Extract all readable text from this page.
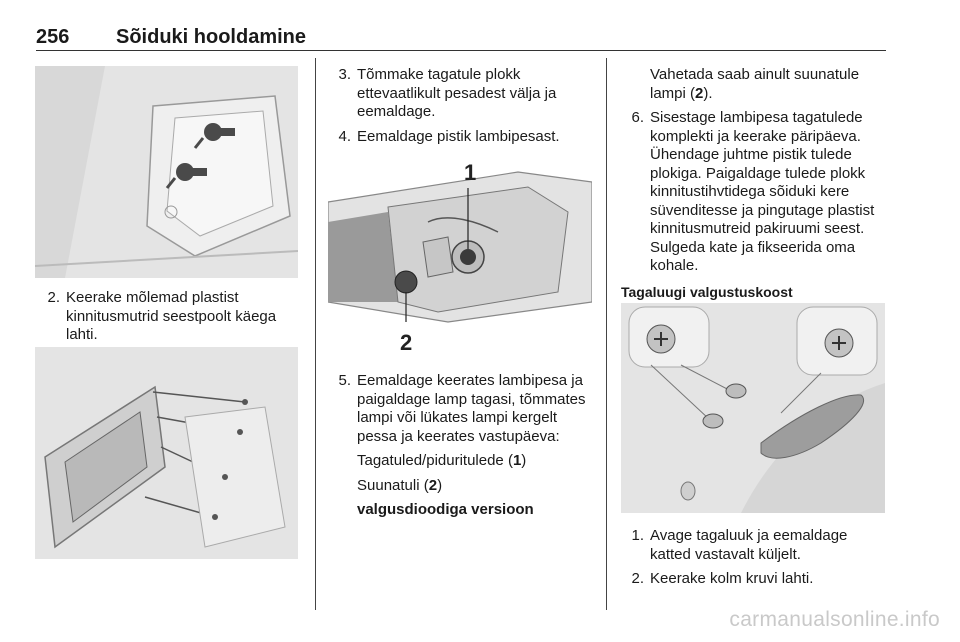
256 Sõiduki hooldamine
2. Keerake mõlemad plastist kinnitusmutrid seestpoolt käega lahti.
3. Tõmmake tagatule plokk ettevaatlikult pesadest välja ja eemaldage.
4. Eemaldage pistik lambipesast.
1
2
5. Eemaldage keerates lambipesa ja paigaldage lamp tagasi, tõmmates lampi või lükates lampi kergelt pessa ja keerates vastupäeva:
Tagatuled/piduritulede (1)
Suunatuli (2)
valgusdioodiga versioon
Vahetada saab ainult suunatule lampi (2).
6. Sisestage lambipesa tagatulede komplekti ja keerake päripäeva. Ühendage juhtme pistik tulede plokiga. Paigaldage tulede plokk kinnitustihvtidega sõiduki kere süvenditesse ja pingutage plastist kinnitusmutreid pakiruumi seest. Sulgeda kate ja fikseerida oma kohale.
Tagaluugi valgustuskoost
1. Avage tagaluuk ja eemaldage katted vastavalt küljelt.
2. Keerake kolm kruvi lahti.
carmanualsonline.info
